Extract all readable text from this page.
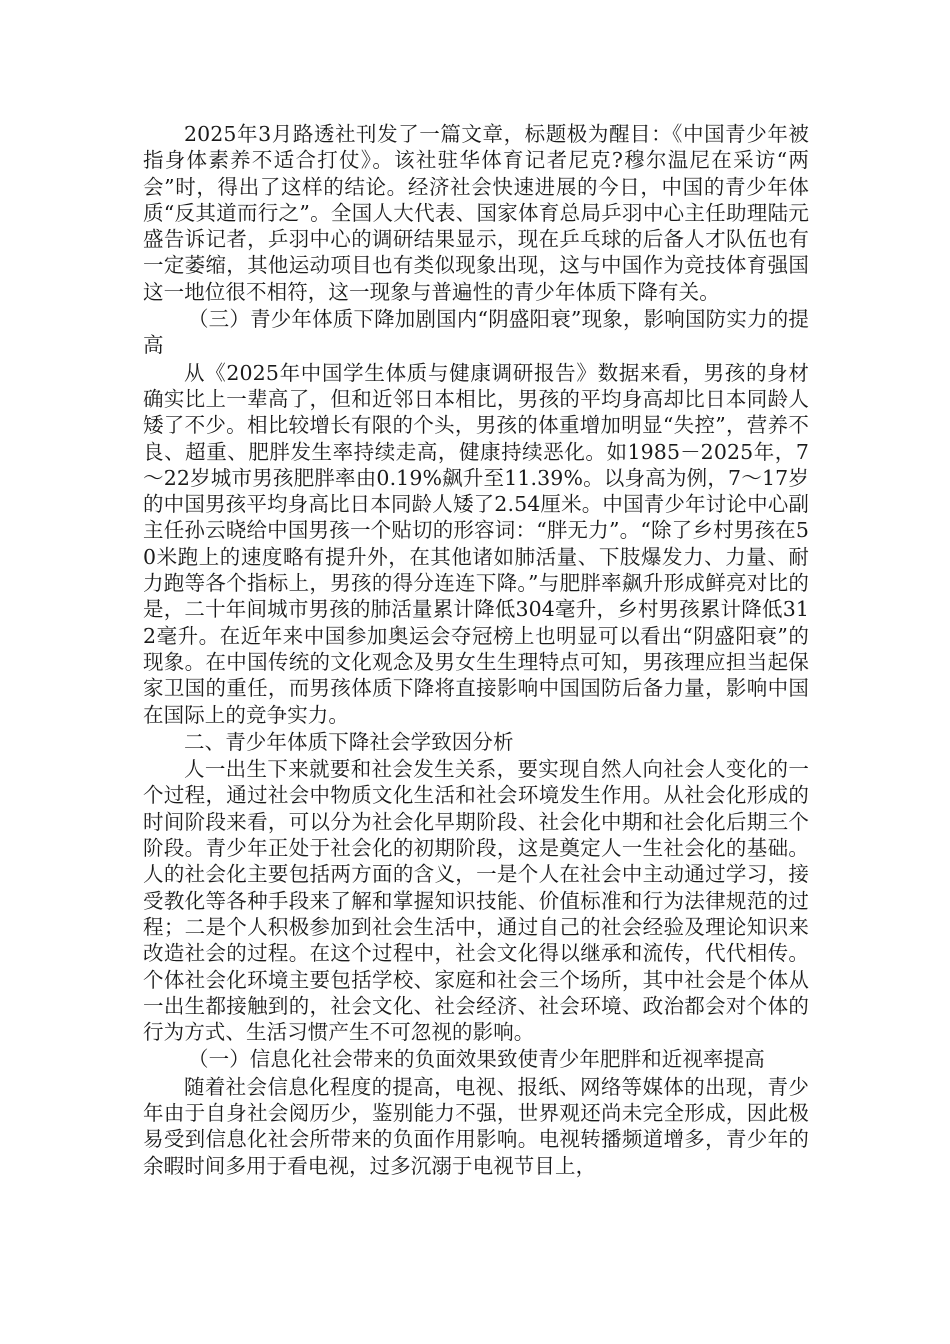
2025年3月路透社刊发了一篇文章，标题极为醒目：《中国青少年被指身体素养不适合打仗》。该社驻华体育记者尼克?穆尔温尼在采访“两会”时，得出了这样的结论。经济社会快速进展的今日，中国的青少年体质“反其道而行之”。全国人大代表、国家体育总局乒羽中心主任助理陆元盛告诉记者，乒羽中心的调研结果显示，现在乒乓球的后备人才队伍也有一定萎缩，其他运动项目也有类似现象出现，这与中国作为竞技体育强国这一地位很不相符，这一现象与普遍性的青少年体质下降有关。

（三）青少年体质下降加剧国内“阴盛阳衰”现象，影响国防实力的提高

从《2025年中国学生体质与健康调研报告》数据来看，男孩的身材确实比上一辈高了，但和近邻日本相比，男孩的平均身高却比日本同龄人矮了不少。相比较增长有限的个头，男孩的体重增加明显“失控”，营养不良、超重、肥胖发生率持续走高，健康持续恶化。如1985－2025年，7～22岁城市男孩肥胖率由0.19%飙升至11.39%。以身高为例，7～17岁的中国男孩平均身高比日本同龄人矮了2.54厘米。中国青少年讨论中心副主任孙云晓给中国男孩一个贴切的形容词：“胖无力”。“除了乡村男孩在50米跑上的速度略有提升外，在其他诸如肺活量、下肢爆发力、力量、耐力跑等各个指标上，男孩的得分连连下降。”与肥胖率飙升形成鲜亮对比的是，二十年间城市男孩的肺活量累计降低304毫升，乡村男孩累计降低312毫升。在近年来中国参加奥运会夺冠榜上也明显可以看出“阴盛阳衰”的现象。在中国传统的文化观念及男女生生理特点可知，男孩理应担当起保家卫国的重任，而男孩体质下降将直接影响中国国防后备力量，影响中国在国际上的竞争实力。

二、青少年体质下降社会学致因分析

人一出生下来就要和社会发生关系，要实现自然人向社会人变化的一个过程，通过社会中物质文化生活和社会环境发生作用。从社会化形成的时间阶段来看，可以分为社会化早期阶段、社会化中期和社会化后期三个阶段。青少年正处于社会化的初期阶段，这是奠定人一生社会化的基础。人的社会化主要包括两方面的含义，一是个人在社会中主动通过学习，接受教化等各种手段来了解和掌握知识技能、价值标准和行为法律规范的过程；二是个人积极参加到社会生活中，通过自己的社会经验及理论知识来改造社会的过程。在这个过程中，社会文化得以继承和流传，代代相传。个体社会化环境主要包括学校、家庭和社会三个场所，其中社会是个体从一出生都接触到的，社会文化、社会经济、社会环境、政治都会对个体的行为方式、生活习惯产生不可忽视的影响。

（一）信息化社会带来的负面效果致使青少年肥胖和近视率提高

随着社会信息化程度的提高，电视、报纸、网络等媒体的出现，青少年由于自身社会阅历少，鉴别能力不强，世界观还尚未完全形成，因此极易受到信息化社会所带来的负面作用影响。电视转播频道增多，青少年的余暇时间多用于看电视，过多沉溺于电视节目上，
